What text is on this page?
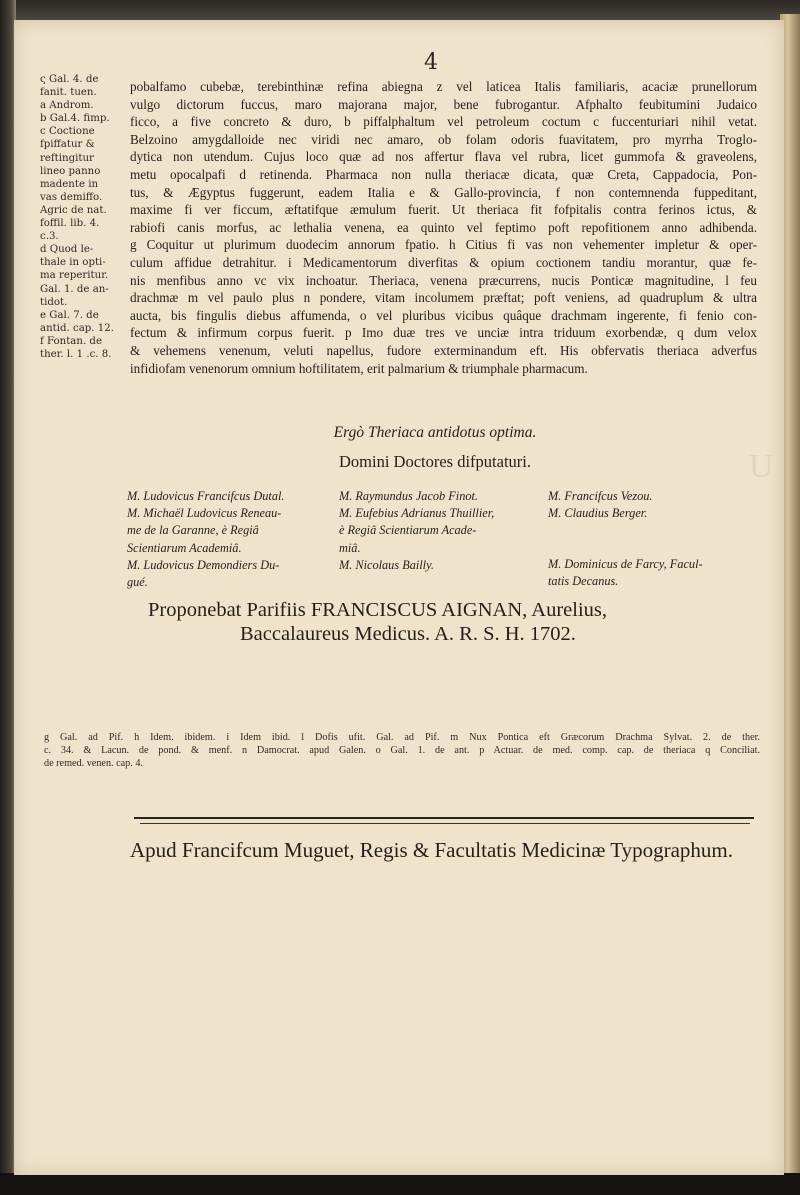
U
4
ς Gal. 4. de
fanit. tuen.
a Androm.
b Gal.4. fimp.
c Coctione
fpiffatur &
reftingitur
lineo panno
madente in
vas demiffo.
Agric de nat.
foffil. lib. 4.
c.3.
d Quod le-
thale in opti-
ma reperitur.
Gal. 1. de an-
tidot.
e Gal. 7. de
antid. cap. 12.
f Fontan. de
ther. l. 1 .c. 8.
pobalfamo cubebæ, terebinthinæ refina abiegna z vel laticea Italis familiaris, acaciæ prunellorum
vulgo dictorum fuccus, maro majorana major, bene fubrogantur. Afphalto feubitumini Judaico
ficco, a five concreto & duro, b piffalphaltum vel petroleum coctum c fuccenturiari nihil vetat.
Belzoino amygdalloide nec viridi nec amaro, ob folam odoris fuavitatem, pro myrrha Troglo-
dytica non utendum. Cujus loco quæ ad nos affertur flava vel rubra, licet gummofa & graveolens,
metu opocalpafi d retinenda. Pharmaca non nulla theriacæ dicata, quæ Creta, Cappadocia, Pon-
tus, & Ægyptus fuggerunt, eadem Italia e & Gallo-provincia, f non contemnenda fuppeditant,
maxime fi ver ficcum, æftatifque æmulum fuerit. Ut theriaca fit fofpitalis contra ferinos ictus, &
rabiofi canis morfus, ac lethalia venena, ea quinto vel feptimo poft repofitionem anno adhibenda.
g Coquitur ut plurimum duodecim annorum fpatio. h Citius fi vas non vehementer impletur & oper-
culum affidue detrahitur. i Medicamentorum diverfitas & opium coctionem tandiu morantur, quæ fe-
nis menfibus anno vc vix inchoatur. Theriaca, venena præcurrens, nucis Ponticæ magnitudine, l feu
drachmæ m vel paulo plus n pondere, vitam incolumem præftat; poft veniens, ad quadruplum & ultra
aucta, bis fingulis diebus affumenda, o vel pluribus vicibus quâque drachmam ingerente, fi fenio con-
fectum & infirmum corpus fuerit. p Imo duæ tres ve unciæ intra triduum exorbendæ, q dum velox
& vehemens venenum, veluti napellus, fudore exterminandum eft. His obfervatis theriaca adverfus
infidiofam venenorum omnium hoftilitatem, erit palmarium & triumphale pharmacum.
g Gal. ad Pif. h Idem. ibidem. i Idem ibid. l Dofis ufit. Gal. ad Pif. m Nux Pontica eft Græcorum Drachma Sylvat. 2. de ther.
c. 34. & Lacun. de pond. & menf. n Damocrat. apud Galen. o Gal. 1. de ant. p Actuar. de med. comp. cap. de theriaca q Conciliat.
de remed. venen. cap. 4.
Ergò Theriaca antidotus optima.
Domini Doctores difputaturi.
M. Ludovicus Francifcus Dutal.
M. Michaël Ludovicus Reneau-
me de la Garanne, è Regiâ
Scientiarum Academiâ.
M. Ludovicus Demondiers Du-
gué.
M. Raymundus Jacob Finot.
M. Eufebius Adrianus Thuillier,
è Regiâ Scientiarum Acade-
miâ.
M. Nicolaus Bailly.
M. Francifcus Vezou.
M. Claudius Berger.
M. Dominicus de Farcy, Facul-
tatis Decanus.
Proponebat Parifiis FRANCISCUS AIGNAN, Aurelius,
Baccalaureus Medicus. A. R. S. H. 1702.
Apud Francifcum Muguet, Regis & Facultatis Medicinæ Typographum.
